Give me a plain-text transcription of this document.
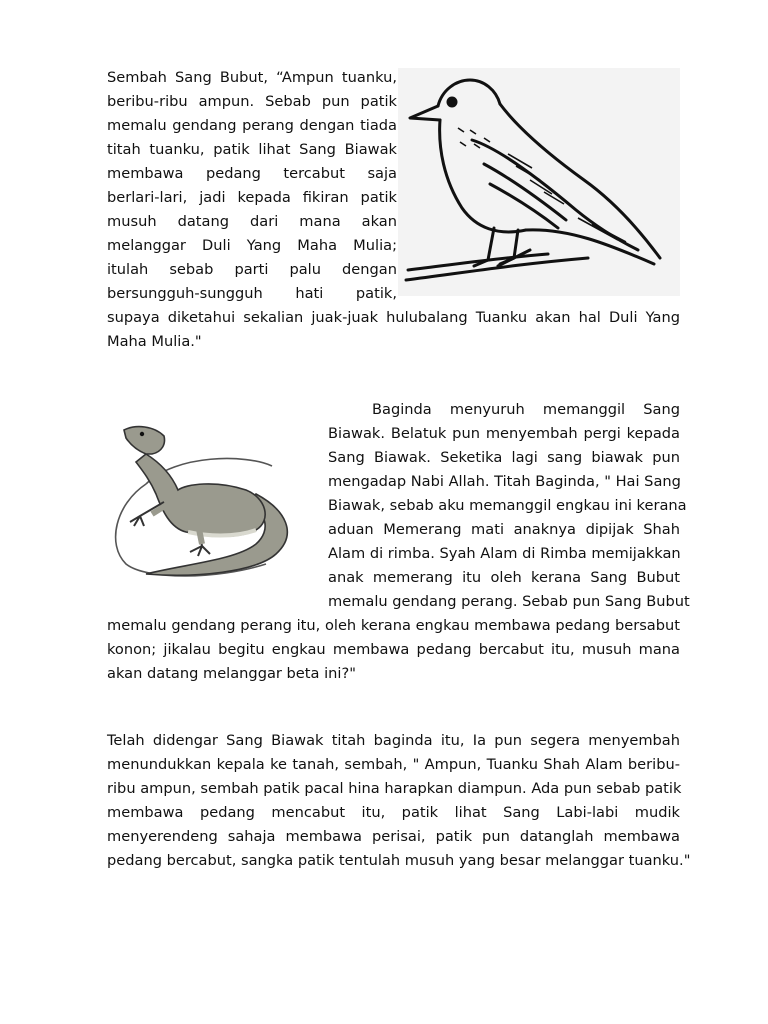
Sembah Sang Bubut, “Ampun tuanku,
beribu-ribu ampun. Sebab pun patik
memalu gendang perang dengan tiada
titah tuanku, patik lihat Sang Biawak
membawa pedang tercabut saja
berlari-lari, jadi kepada fikiran patik
musuh datang dari mana akan
melanggar Duli Yang Maha Mulia;
itulah sebab parti palu dengan
bersungguh-sungguh hati patik,
supaya diketahui sekalian juak-juak hulubalang Tuanku akan hal Duli Yang
Maha Mulia."
Baginda menyuruh memanggil Sang
Biawak. Belatuk pun menyembah pergi kepada
Sang Biawak. Seketika lagi sang biawak pun
mengadap Nabi Allah. Titah Baginda, " Hai Sang
Biawak, sebab aku memanggil engkau ini kerana
aduan Memerang mati anaknya dipijak Shah
Alam di rimba. Syah Alam di Rimba memijakkan
anak memerang itu oleh kerana Sang Bubut
memalu gendang perang. Sebab pun Sang Bubut
memalu gendang perang itu, oleh kerana engkau membawa pedang bersabut
konon; jikalau begitu engkau membawa pedang bercabut itu, musuh mana
akan datang melanggar beta ini?"
Telah didengar Sang Biawak titah baginda itu, Ia pun segera menyembah
menundukkan kepala ke tanah, sembah, " Ampun, Tuanku Shah Alam beribu-
ribu ampun, sembah patik pacal hina harapkan diampun. Ada pun sebab patik
membawa pedang mencabut itu, patik lihat Sang Labi-labi mudik
menyerendeng sahaja membawa perisai, patik pun datanglah membawa
pedang bercabut, sangka patik tentulah musuh yang besar melanggar tuanku."
